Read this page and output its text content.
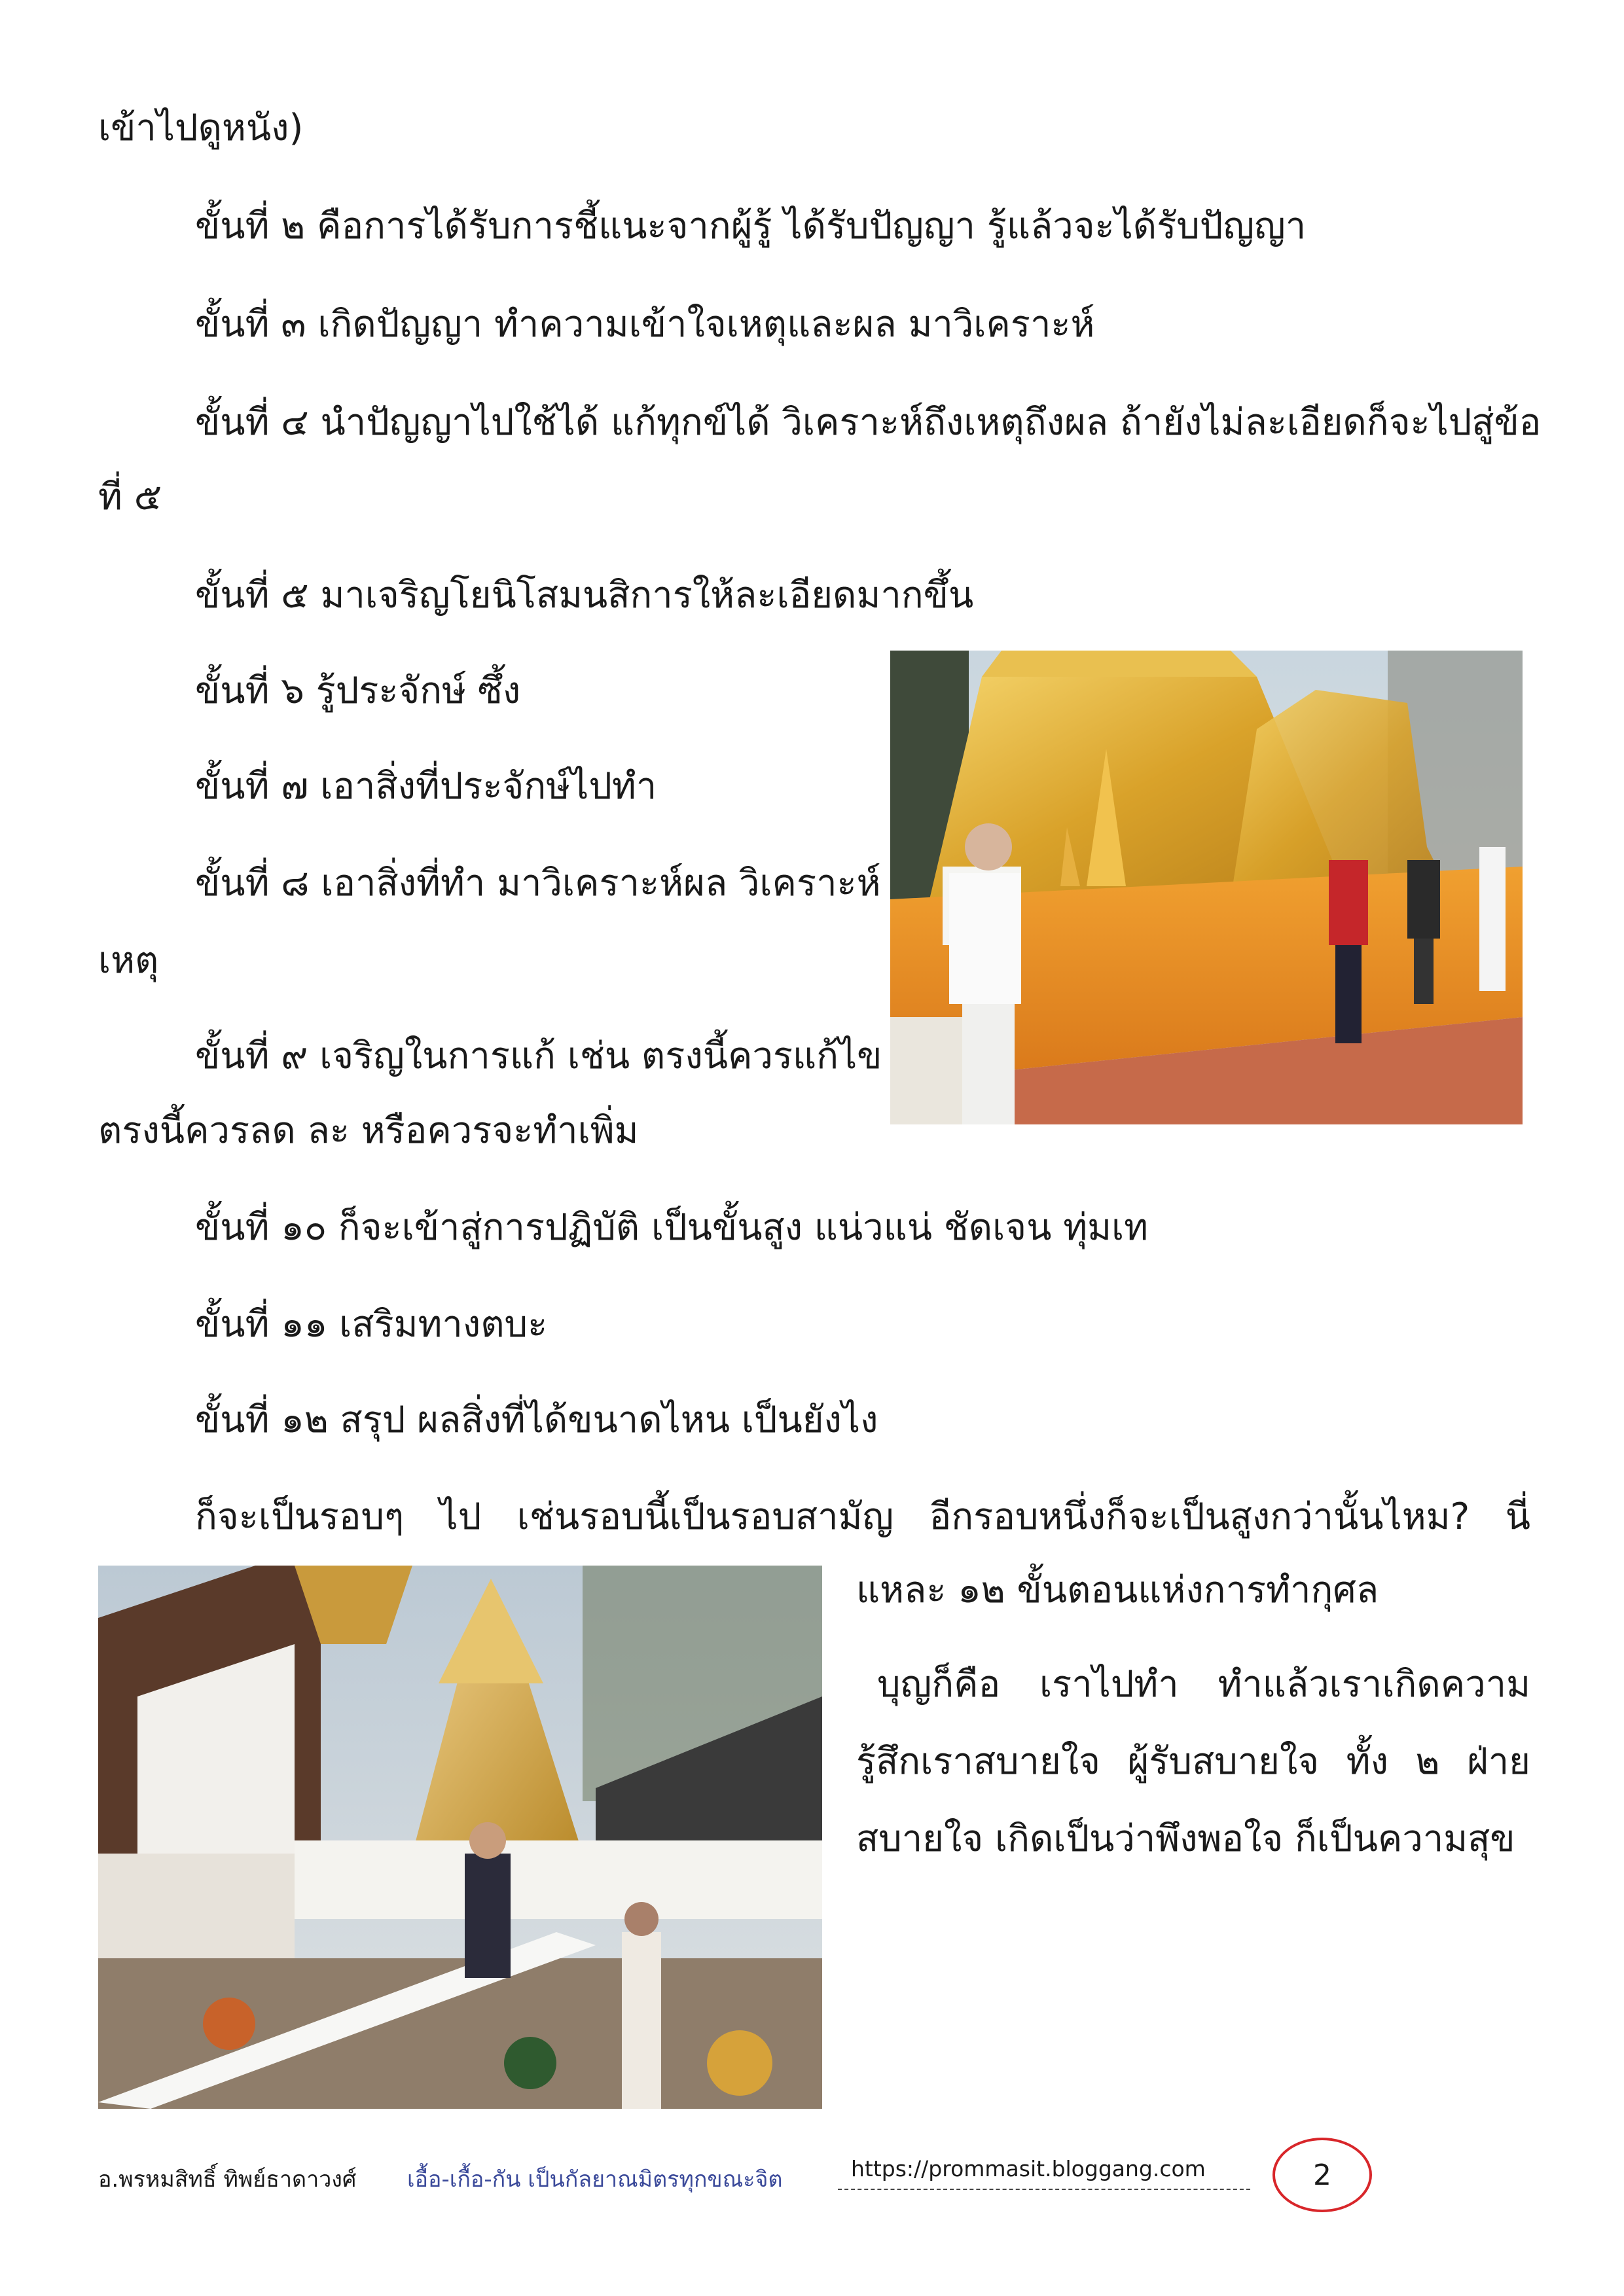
เข้าไปดูหนัง)
ขั้นที่ ๒ คือการได้รับการชี้แนะจากผู้รู้ ได้รับปัญญา รู้แล้วจะได้รับปัญญา
ขั้นที่ ๓ เกิดปัญญา ทำความเข้าใจเหตุและผล มาวิเคราะห์
ขั้นที่ ๔ นำปัญญาไปใช้ได้ แก้ทุกข์ได้ วิเคราะห์ถึงเหตุถึงผล ถ้ายังไม่ละเอียดก็จะไปสู่ข้อ
ที่ ๕
ขั้นที่ ๕ มาเจริญโยนิโสมนสิการให้ละเอียดมากขึ้น
ขั้นที่ ๖ รู้ประจักษ์ ซึ้ง
ขั้นที่ ๗ เอาสิ่งที่ประจักษ์ไปทำ
ขั้นที่ ๘ เอาสิ่งที่ทำ มาวิเคราะห์ผล วิเคราะห์
เหตุ
ขั้นที่ ๙ เจริญในการแก้ เช่น ตรงนี้ควรแก้ไข
ตรงนี้ควรลด ละ หรือควรจะทำเพิ่ม
ขั้นที่ ๑๐ ก็จะเข้าสู่การปฏิบัติ เป็นขั้นสูง แน่วแน่ ชัดเจน ทุ่มเท
ขั้นที่ ๑๑ เสริมทางตบะ
ขั้นที่ ๑๒ สรุป ผลสิ่งที่ได้ขนาดไหน เป็นยังไง
ก็จะเป็นรอบๆ ไป เช่นรอบนี้เป็นรอบสามัญ อีกรอบหนึ่งก็จะเป็นสูงกว่านั้นไหม? นี่
แหละ ๑๒ ขั้นตอนแห่งการทำกุศล
บุญก็คือ เราไปทำ ทำแล้วเราเกิดความ
รู้สึกเราสบายใจ ผู้รับสบายใจ ทั้ง ๒ ฝ่าย
สบายใจ เกิดเป็นว่าพึงพอใจ ก็เป็นความสุข
อ.พรหมสิทธิ์ ทิพย์ธาดาวงศ์ เอื้อ-เกื้อ-กัน เป็นกัลยาณมิตรทุกขณะจิต	https://prommasit.bloggang.com	2
